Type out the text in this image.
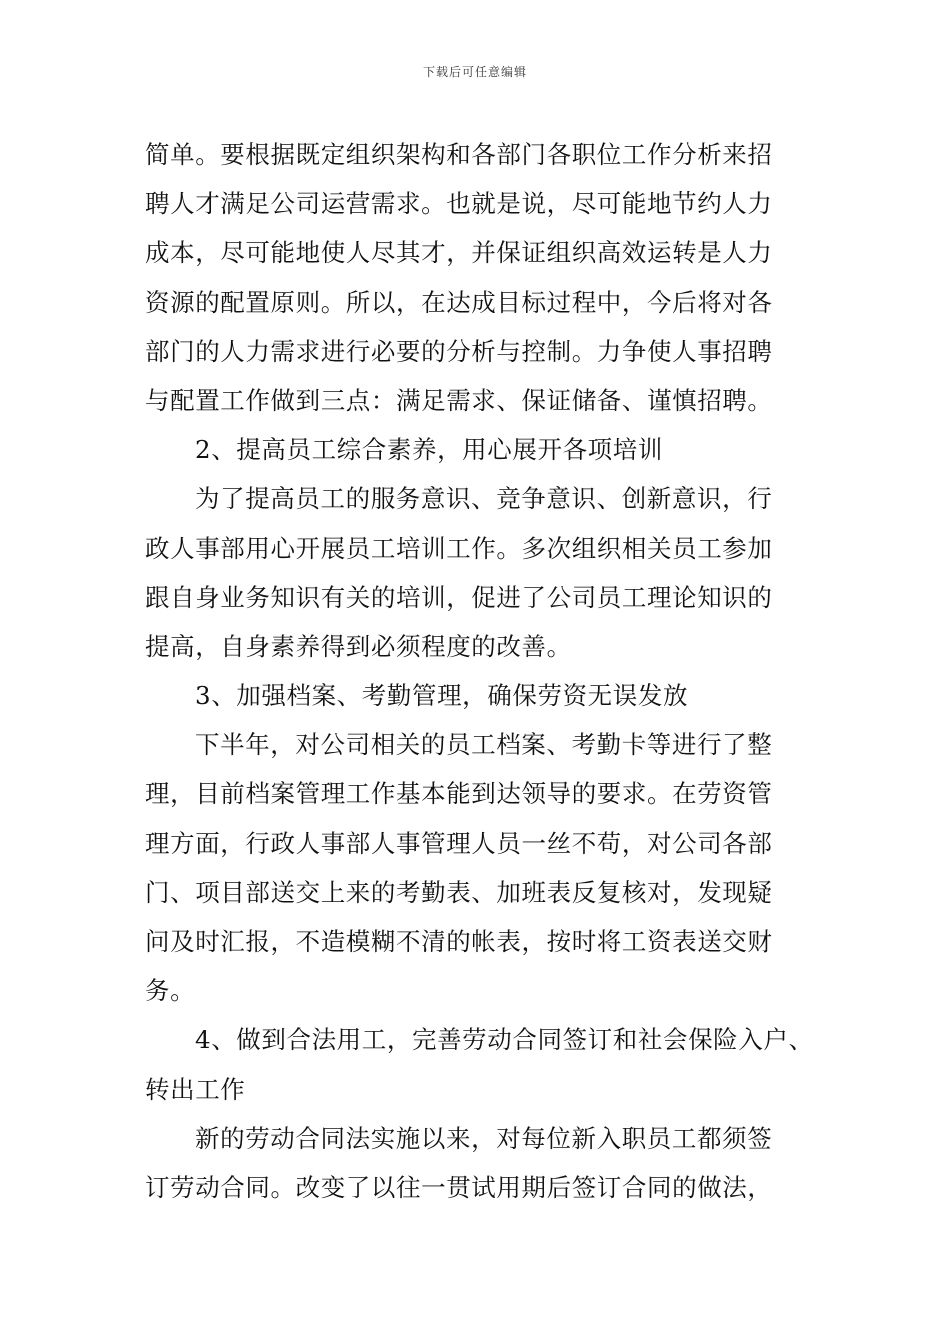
下载后可任意编辑
简单。要根据既定组织架构和各部门各职位工作分析来招
聘人才满足公司运营需求。也就是说，尽可能地节约人力
成本，尽可能地使人尽其才，并保证组织高效运转是人力
资源的配置原则。所以，在达成目标过程中，今后将对各
部门的人力需求进行必要的分析与控制。力争使人事招聘
与配置工作做到三点：满足需求、保证储备、谨慎招聘。
2、提高员工综合素养，用心展开各项培训
为了提高员工的服务意识、竞争意识、创新意识，行
政人事部用心开展员工培训工作。多次组织相关员工参加
跟自身业务知识有关的培训，促进了公司员工理论知识的
提高，自身素养得到必须程度的改善。
3、加强档案、考勤管理，确保劳资无误发放
下半年，对公司相关的员工档案、考勤卡等进行了整
理，目前档案管理工作基本能到达领导的要求。在劳资管
理方面，行政人事部人事管理人员一丝不苟，对公司各部
门、项目部送交上来的考勤表、加班表反复核对，发现疑
问及时汇报，不造模糊不清的帐表，按时将工资表送交财
务。
4、做到合法用工，完善劳动合同签订和社会保险入户、
转出工作
新的劳动合同法实施以来，对每位新入职员工都须签
订劳动合同。改变了以往一贯试用期后签订合同的做法，
